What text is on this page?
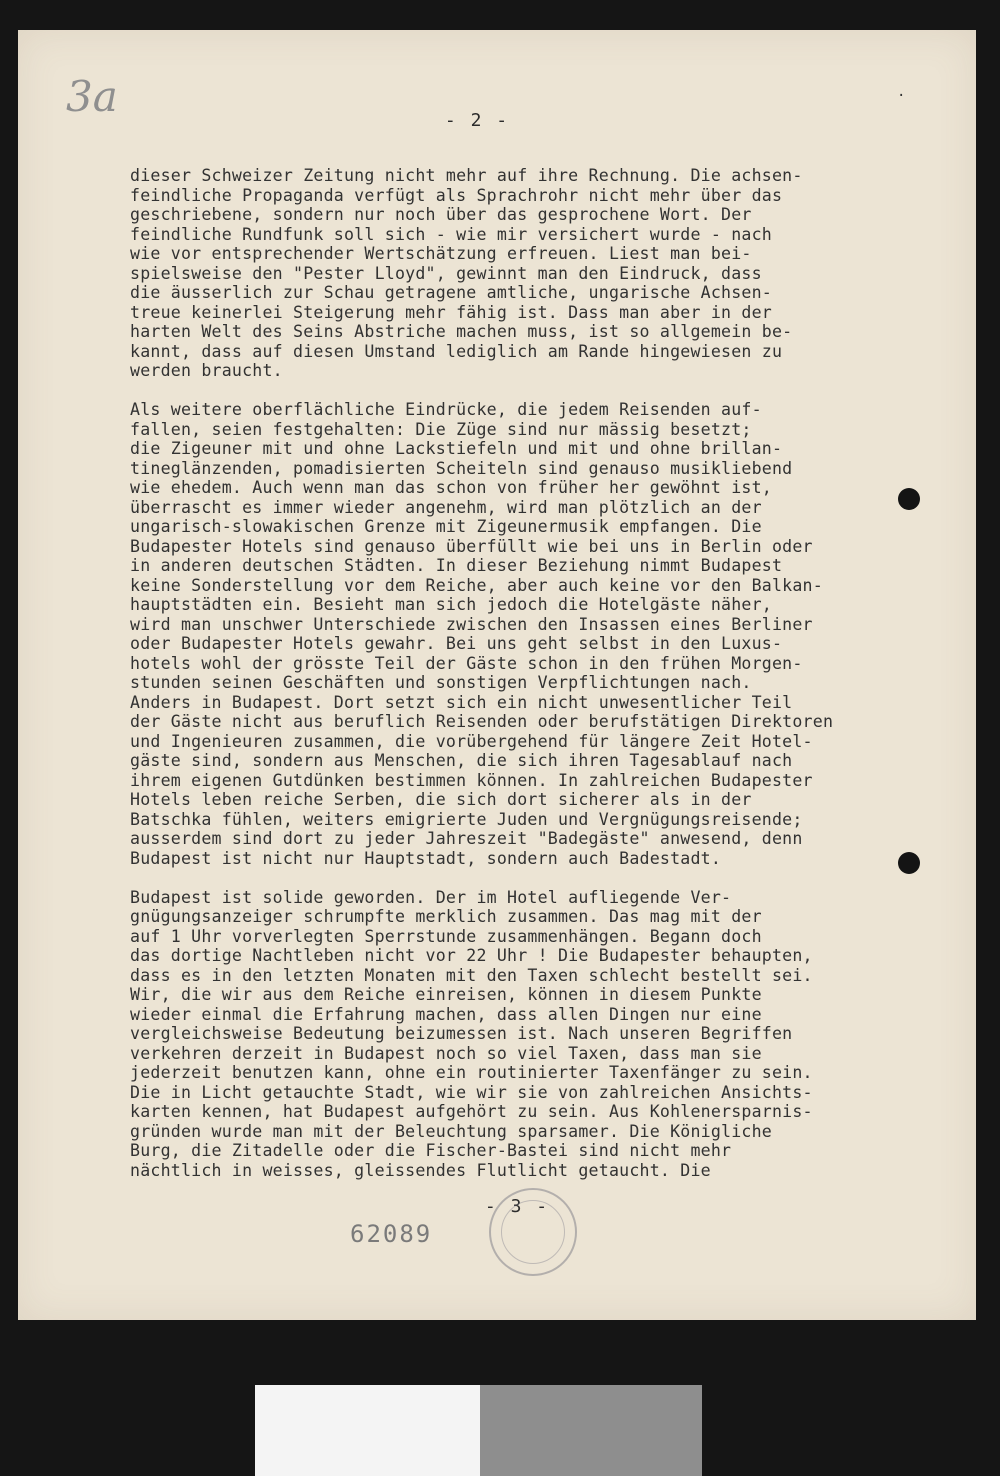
3a	·
- 2 -
dieser Schweizer Zeitung nicht mehr auf ihre Rechnung. Die achsen-
feindliche Propaganda verfügt als Sprachrohr nicht mehr über das
geschriebene, sondern nur noch über das gesprochene Wort. Der
feindliche Rundfunk soll sich - wie mir versichert wurde - nach
wie vor entsprechender Wertschätzung erfreuen. Liest man bei-
spielsweise den "Pester Lloyd", gewinnt man den Eindruck, dass
die äusserlich zur Schau getragene amtliche, ungarische Achsen-
treue keinerlei Steigerung mehr fähig ist. Dass man aber in der
harten Welt des Seins Abstriche machen muss, ist so allgemein be-
kannt, dass auf diesen Umstand lediglich am Rande hingewiesen zu
werden braucht.
Als weitere oberflächliche Eindrücke, die jedem Reisenden auf-
fallen, seien festgehalten: Die Züge sind nur mässig besetzt;
die Zigeuner mit und ohne Lackstiefeln und mit und ohne brillan-
tineglänzenden, pomadisierten Scheiteln sind genauso musikliebend
wie ehedem. Auch wenn man das schon von früher her gewöhnt ist,
überrascht es immer wieder angenehm, wird man plötzlich an der
ungarisch-slowakischen Grenze mit Zigeunermusik empfangen. Die
Budapester Hotels sind genauso überfüllt wie bei uns in Berlin oder
in anderen deutschen Städten. In dieser Beziehung nimmt Budapest
keine Sonderstellung vor dem Reiche, aber auch keine vor den Balkan-
hauptstädten ein. Besieht man sich jedoch die Hotelgäste näher,
wird man unschwer Unterschiede zwischen den Insassen eines Berliner
oder Budapester Hotels gewahr. Bei uns geht selbst in den Luxus-
hotels wohl der grösste Teil der Gäste schon in den frühen Morgen-
stunden seinen Geschäften und sonstigen Verpflichtungen nach.
Anders in Budapest. Dort setzt sich ein nicht unwesentlicher Teil
der Gäste nicht aus beruflich Reisenden oder berufstätigen Direktoren
und Ingenieuren zusammen, die vorübergehend für längere Zeit Hotel-
gäste sind, sondern aus Menschen, die sich ihren Tagesablauf nach
ihrem eigenen Gutdünken bestimmen können. In zahlreichen Budapester
Hotels leben reiche Serben, die sich dort sicherer als in der
Batschka fühlen, weiters emigrierte Juden und Vergnügungsreisende;
ausserdem sind dort zu jeder Jahreszeit "Badegäste" anwesend, denn
Budapest ist nicht nur Hauptstadt, sondern auch Badestadt.
Budapest ist solide geworden. Der im Hotel aufliegende Ver-
gnügungsanzeiger schrumpfte merklich zusammen. Das mag mit der
auf 1 Uhr vorverlegten Sperrstunde zusammenhängen. Begann doch
das dortige Nachtleben nicht vor 22 Uhr ! Die Budapester behaupten,
dass es in den letzten Monaten mit den Taxen schlecht bestellt sei.
Wir, die wir aus dem Reiche einreisen, können in diesem Punkte
wieder einmal die Erfahrung machen, dass allen Dingen nur eine
vergleichsweise Bedeutung beizumessen ist. Nach unseren Begriffen
verkehren derzeit in Budapest noch so viel Taxen, dass man sie
jederzeit benutzen kann, ohne ein routinierter Taxenfänger zu sein.
Die in Licht getauchte Stadt, wie wir sie von zahlreichen Ansichts-
karten kennen, hat Budapest aufgehört zu sein. Aus Kohlenersparnis-
gründen wurde man mit der Beleuchtung sparsamer. Die Königliche
Burg, die Zitadelle oder die Fischer-Bastei sind nicht mehr
nächtlich in weisses, gleissendes Flutlicht getaucht. Die
- 3 -
62089
